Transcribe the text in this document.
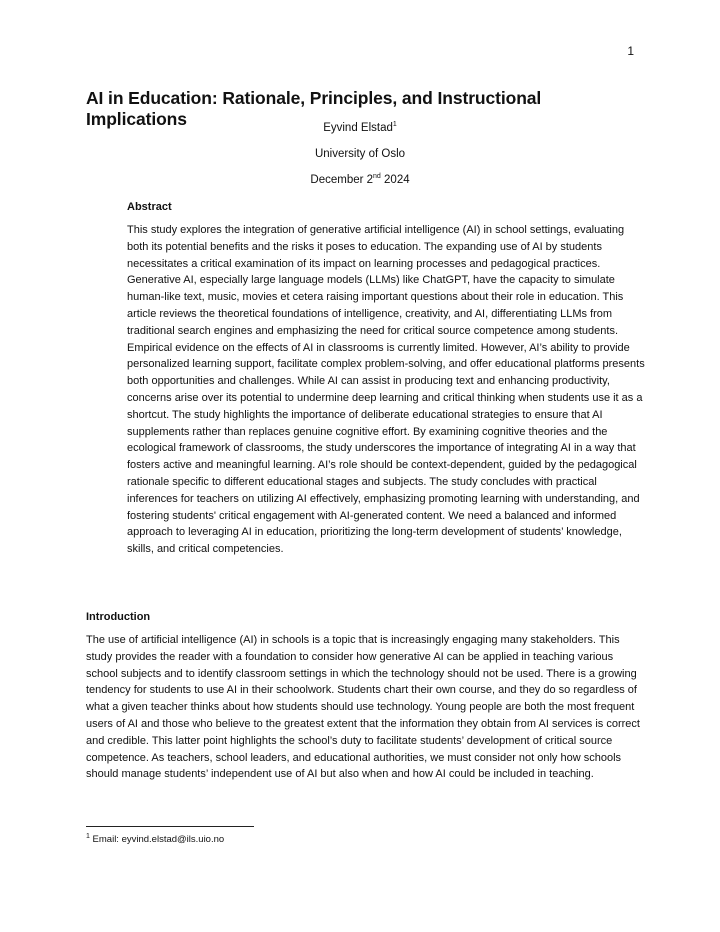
1
AI in Education: Rationale, Principles, and Instructional Implications	Eyvind Elstad$^1$
University of Oslo
December 2nd 2024
Abstract

This study explores the integration of generative artificial intelligence (AI) in school settings, evaluating both its potential benefits and the risks it poses to education. The expanding use of AI by students necessitates a critical examination of its impact on learning processes and pedagogical practices. Generative AI, especially large language models (LLMs) like ChatGPT, have the capacity to simulate human-like text, music, movies et cetera raising important questions about their role in education. This article reviews the theoretical foundations of intelligence, creativity, and AI, differentiating LLMs from traditional search engines and emphasizing the need for critical source competence among students. Empirical evidence on the effects of AI in classrooms is currently limited. However, AI’s ability to provide personalized learning support, facilitate complex problem-solving, and offer educational platforms presents both opportunities and challenges. While AI can assist in producing text and enhancing productivity, concerns arise over its potential to undermine deep learning and critical thinking when students use it as a shortcut. The study highlights the importance of deliberate educational strategies to ensure that AI supplements rather than replaces genuine cognitive effort. By examining cognitive theories and the ecological framework of classrooms, the study underscores the importance of integrating AI in a way that fosters active and meaningful learning. AI’s role should be context-dependent, guided by the pedagogical rationale specific to different educational stages and subjects. The study concludes with practical inferences for teachers on utilizing AI effectively, emphasizing promoting learning with understanding, and fostering students' critical engagement with AI-generated content. We need a balanced and informed approach to leveraging AI in education, prioritizing the long-term development of students’ knowledge, skills, and critical competencies.

Introduction

The use of artificial intelligence (AI) in schools is a topic that is increasingly engaging many stakeholders. This study provides the reader with a foundation to consider how generative AI can be applied in teaching various school subjects and to identify classroom settings in which the technology should not be used. There is a growing tendency for students to use AI in their schoolwork. Students chart their own course, and they do so regardless of what a given teacher thinks about how students should use technology. Young people are both the most frequent users of AI and those who believe to the greatest extent that the information they obtain from AI services is correct and credible. This latter point highlights the school’s duty to facilitate students’ development of critical source competence. As teachers, school leaders, and educational authorities, we must consider not only how schools should manage students’ independent use of AI but also when and how AI could be included in teaching.

$^1$ Email: eyvind.elstad@ils.uio.no
